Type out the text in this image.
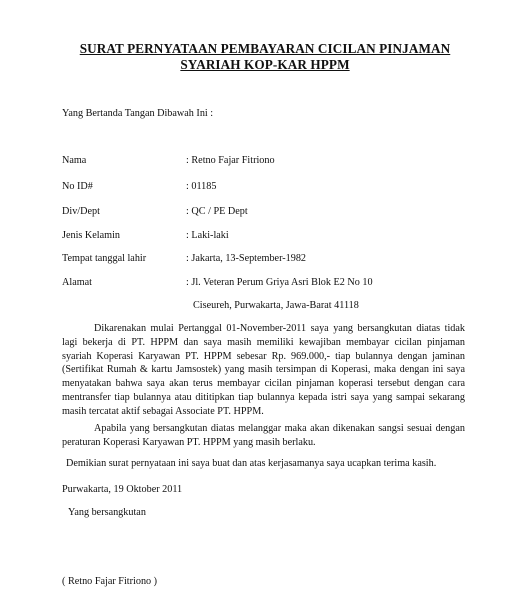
SURAT PERNYATAAN PEMBAYARAN CICILAN PINJAMAN
SYARIAH KOP-KAR HPPM
Yang Bertanda Tangan Dibawah Ini :
Nama	: Retno Fajar Fitriono
No ID#	: 01185
Div/Dept	: QC / PE Dept
Jenis Kelamin	: Laki-laki
Tempat tanggal lahir	: Jakarta, 13-September-1982
Alamat	: Jl. Veteran Perum Griya Asri Blok E2 No 10
Ciseureh, Purwakarta, Jawa-Barat 41118
Dikarenakan mulai Pertanggal 01-November-2011 saya yang bersangkutan diatas tidak
lagi bekerja di PT. HPPM dan saya masih memiliki kewajiban membayar cicilan pinjaman
syariah Koperasi Karyawan PT. HPPM sebesar Rp. 969.000,- tiap bulannya dengan jaminan
(Sertifikat Rumah & kartu Jamsostek) yang masih tersimpan di Koperasi, maka dengan ini saya
menyatakan bahwa saya akan terus membayar cicilan pinjaman koperasi tersebut dengan cara
mentransfer tiap bulannya atau dititipkan tiap bulannya kepada istri saya yang sampai sekarang
masih tercatat aktif sebagai Associate PT. HPPM.
Apabila yang bersangkutan diatas melanggar maka akan dikenakan sangsi sesuai dengan
peraturan Koperasi Karyawan PT. HPPM yang masih berlaku.
Demikian surat pernyataan ini saya buat dan atas kerjasamanya saya ucapkan terima kasih.
Purwakarta, 19 Oktober 2011
Yang bersangkutan
( Retno Fajar Fitriono )
